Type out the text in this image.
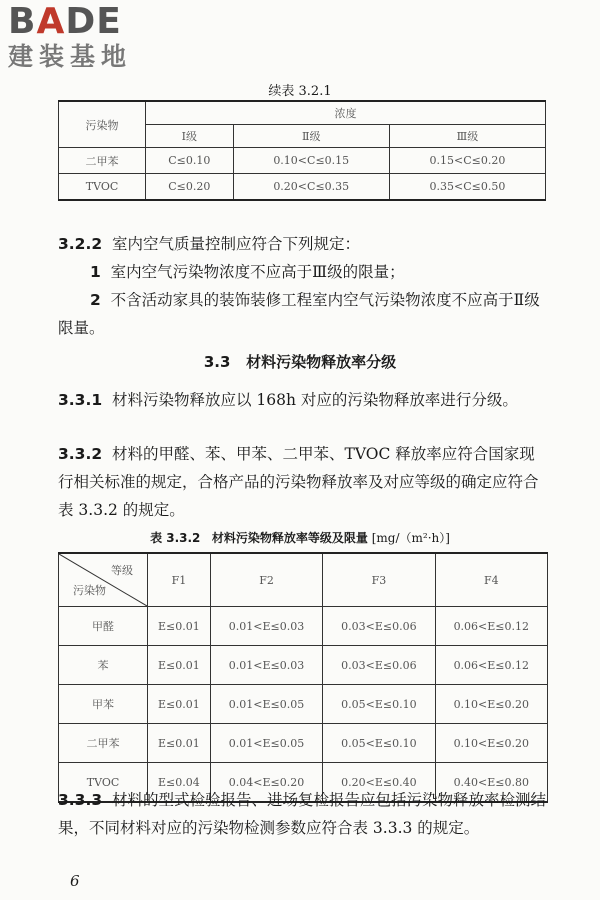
BADE
建装基地
续表 3.2.1
污染物	浓度		
	Ⅰ级	Ⅱ级	Ⅲ级
二甲苯	C≤0.10	0.10<C≤0.15	0.15<C≤0.20
TVOC	C≤0.20	0.20<C≤0.35	0.35<C≤0.50
3.2.2 室内空气质量控制应符合下列规定：
1 室内空气污染物浓度不应高于Ⅲ级的限量；
2 不含活动家具的装饰装修工程室内空气污染物浓度不应高于Ⅱ级限量。
3.3 材料污染物释放率分级
3.3.1 材料污染物释放应以 168h 对应的污染物释放率进行分级。
3.3.2 材料的甲醛、苯、甲苯、二甲苯、TVOC 释放率应符合国家现行相关标准的规定，合格产品的污染物释放率及对应等级的确定应符合表 3.3.2 的规定。
表 3.3.2 材料污染物释放率等级及限量 [mg/（m²·h）]
等级
污染物	F1	F2	F3	F4
甲醛	E≤0.01	0.01<E≤0.03	0.03<E≤0.06	0.06<E≤0.12
苯	E≤0.01	0.01<E≤0.03	0.03<E≤0.06	0.06<E≤0.12
甲苯	E≤0.01	0.01<E≤0.05	0.05<E≤0.10	0.10<E≤0.20
二甲苯	E≤0.01	0.01<E≤0.05	0.05<E≤0.10	0.10<E≤0.20
TVOC	E≤0.04	0.04<E≤0.20	0.20<E≤0.40	0.40<E≤0.80
3.3.3 材料的型式检验报告、进场复检报告应包括污染物释放率检测结果，不同材料对应的污染物检测参数应符合表 3.3.3 的规定。
6
